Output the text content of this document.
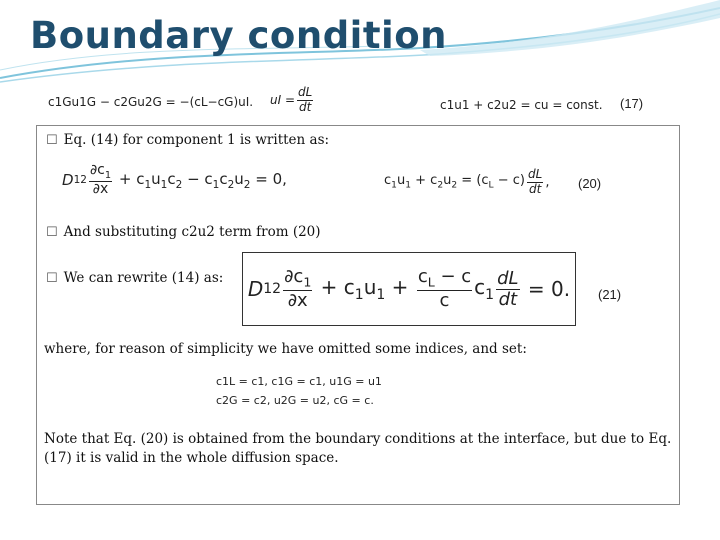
Boundary condition
c1Gu1G − c2Gu2G = −(cL−cG)uI. uI = $\frac{dL}{dt}$	c1u1 + c2u2 = cu = const. (17)
☐ Eq. (14) for component 1 is written as:
D $12 \frac{\partial c_1}{\partial x} + c_1u_1c_2 - c_1c_2u_2 = 0$,	$c_1u_1 + c_2u_2 = (c_L - c) \frac{dL}{dt}$ , (20)
☐ And substituting c2u2 term from (20)
☐ We can rewrite (14) as: D $12 \frac{\partial c_1}{\partial x} + c_1u_1 + \frac{c_L - c}{c} c_1 \frac{dL}{dt} = 0$. (21)
where, for reason of simplicity we have omitted some indices, and set:
c1L = c1, c1G = c1, u1G = u1
c2G = c2, u2G = u2, cG = c.
Note that Eq. (20) is obtained from the boundary conditions at the interface, but due to Eq. (17) it is valid in the whole diffusion space.
